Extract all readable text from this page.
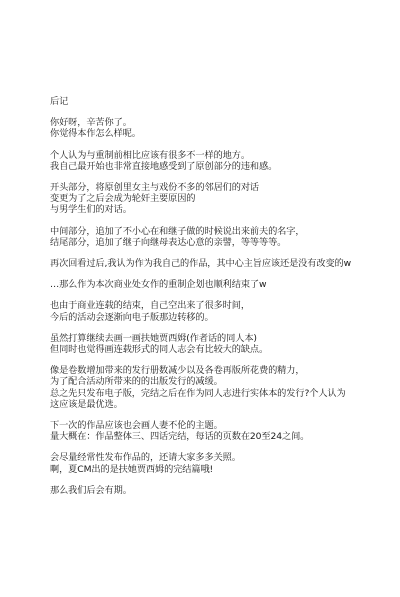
后记
你好呀，辛苦你了。
你觉得本作怎么样呢。
个人认为与重制前相比应该有很多不一样的地方。
我自己最开始也非常直接地感受到了原创部分的违和感。
开头部分，将原创里女主与戏份不多的邻居们的对话
变更为了之后会成为轮奸主要原因的
与男学生们的对话。
中间部分，追加了不小心在和继子做的时候说出来前夫的名字，
结尾部分，追加了继子向继母表达心意的亲譬，等等等等。
再次回看过后,我认为作为我自己的作品，其中心主旨应该还是没有改变的w
…那么作为本次商业处女作的重制企划也顺利结束了w
也由于商业连载的结束，自己空出来了很多时间，
今后的活动会逐渐向电子版那边转移的。
虽然打算继续去画一画扶她贾西姆(作者话的同人本)
但同时也觉得画连载形式的同人志会有比较大的缺点。
像是卷数增加带来的发行册数减少以及各卷再版所花费的精力，
为了配合活动所带来的的出版发行的减缓。
总之先只发布电子版，完结之后在作为同人志进行实体本的发行?个人认为
这应该是最优选。
下一次的作品应该也会画人妻不伦的主题。
量大概在：作品整体三、四话完结，每话的页数在20至24之间。
会尽量经常性发布作品的，还请大家多多关照。
啊，夏CM出的是扶她贾西姆的完结篇哦!
那么我们后会有期。
